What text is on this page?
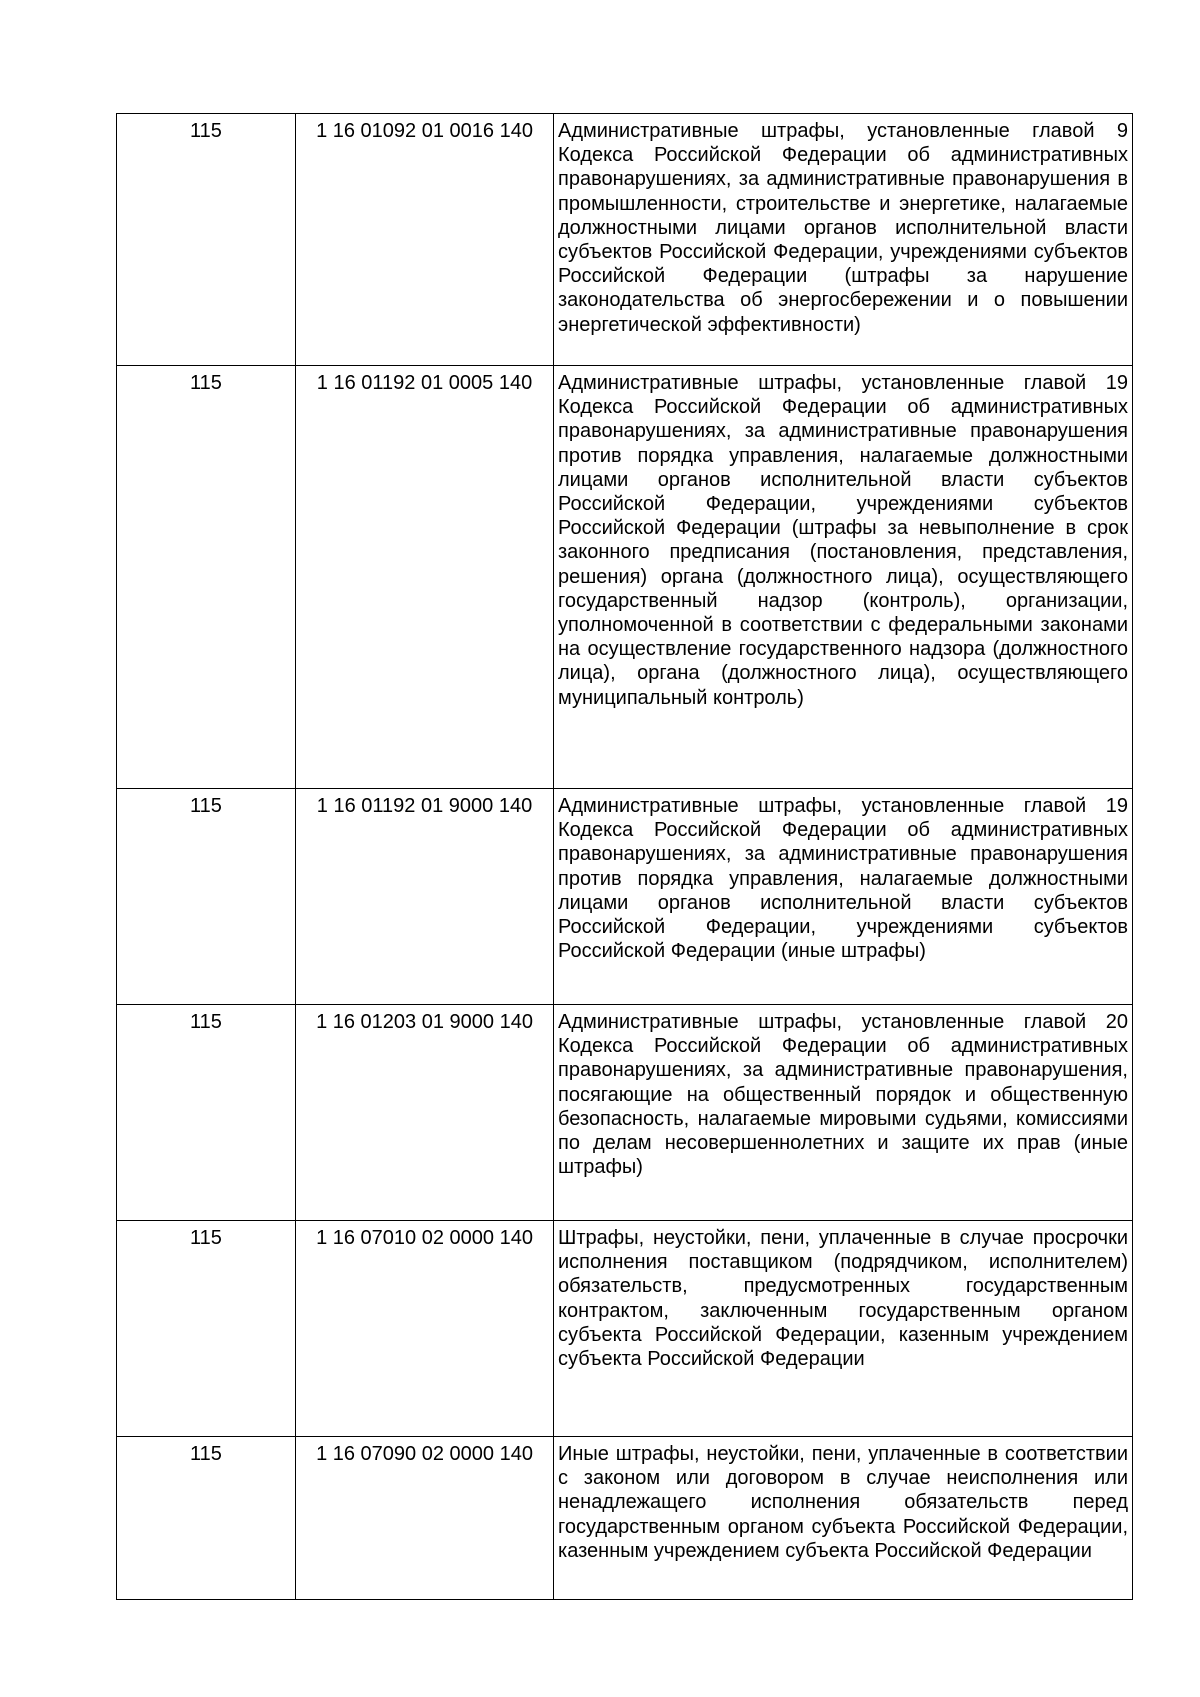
115	1 16 01092 01 0016 140	Административные штрафы, установленные главой 9 Кодекса Российской Федерации об административных правонарушениях, за административные правонарушения в промышленности, строительстве и энергетике, налагаемые должностными лицами органов исполнительной власти субъектов Российской Федерации, учреждениями субъектов Российской Федерации (штрафы за нарушение законодательства об энергосбережении и о повышении энергетической эффективности)
115	1 16 01192 01 0005 140	Административные штрафы, установленные главой 19 Кодекса Российской Федерации об административных правонарушениях, за административные правонарушения против порядка управления, налагаемые должностными лицами органов исполнительной власти субъектов Российской Федерации, учреждениями субъектов Российской Федерации (штрафы за невыполнение в срок законного предписания (постановления, представления, решения) органа (должностного лица), осуществляющего государственный надзор (контроль), организации, уполномоченной в соответствии с федеральными законами на осуществление государственного надзора (должностного лица), органа (должностного лица), осуществляющего муниципальный контроль)
115	1 16 01192 01 9000 140	Административные штрафы, установленные главой 19 Кодекса Российской Федерации об административных правонарушениях, за административные правонарушения против порядка управления, налагаемые должностными лицами органов исполнительной власти субъектов Российской Федерации, учреждениями субъектов Российской Федерации (иные штрафы)
115	1 16 01203 01 9000 140	Административные штрафы, установленные главой 20 Кодекса Российской Федерации об административных правонарушениях, за административные правонарушения, посягающие на общественный порядок и общественную безопасность, налагаемые мировыми судьями, комиссиями по делам несовершеннолетних и защите их прав (иные штрафы)
115	1 16 07010 02 0000 140	Штрафы, неустойки, пени, уплаченные в случае просрочки исполнения поставщиком (подрядчиком, исполнителем) обязательств, предусмотренных государственным контрактом, заключенным государственным органом субъекта Российской Федерации, казенным учреждением субъекта Российской Федерации
115	1 16 07090 02 0000 140	Иные штрафы, неустойки, пени, уплаченные в соответствии с законом или договором в случае неисполнения или ненадлежащего исполнения обязательств перед государственным органом субъекта Российской Федерации, казенным учреждением субъекта Российской Федерации
